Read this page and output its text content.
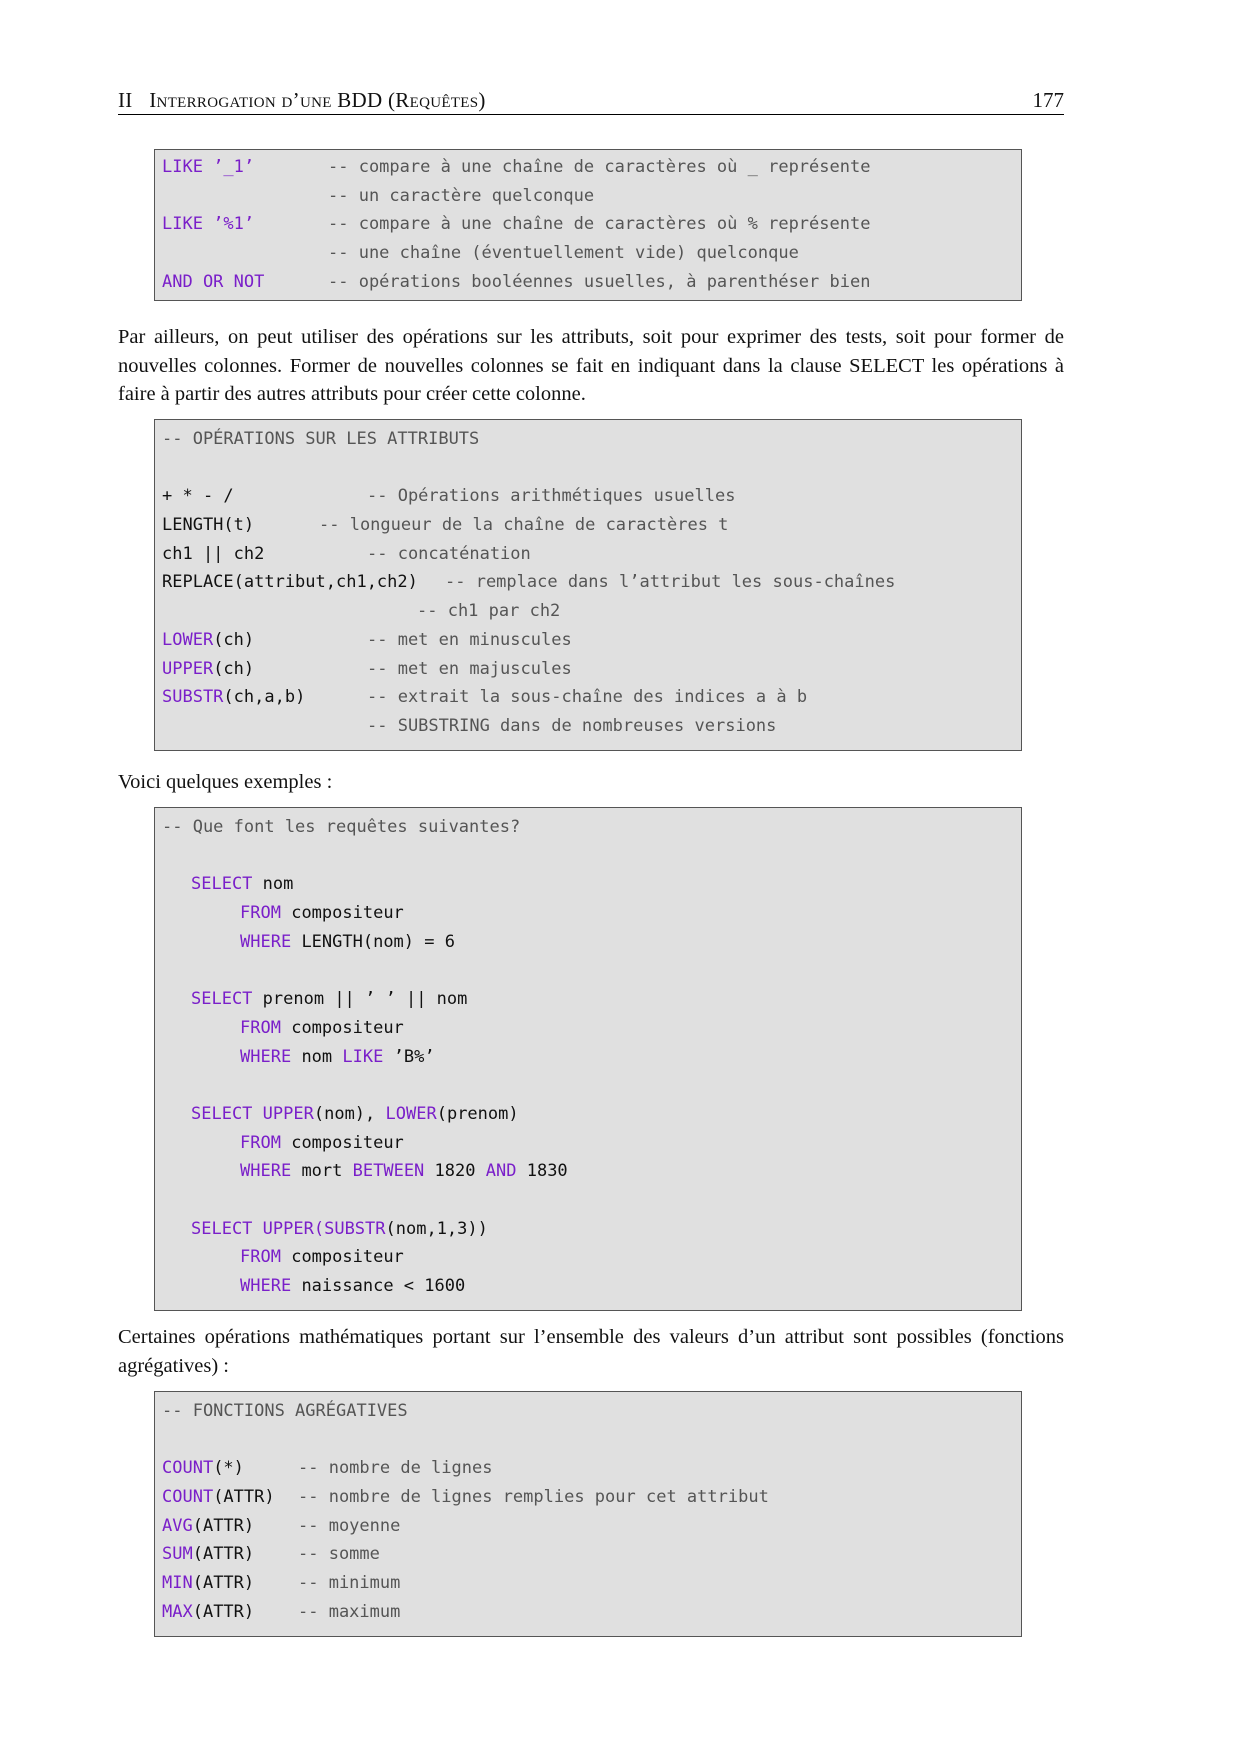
II Interrogation d’une BDD (Requêtes)	177
LIKE ’_1’	-- compare à une chaîne de caractères où _ représente
-- un caractère quelconque
LIKE ’%1’	-- compare à une chaîne de caractères où % représente
-- une chaîne (éventuellement vide) quelconque
AND OR NOT	-- opérations booléennes usuelles, à parenthéser bien
Par ailleurs, on peut utiliser des opérations sur les attributs, soit pour exprimer des tests, soit pour former de nouvelles colonnes. Former de nouvelles colonnes se fait en indiquant dans la clause SELECT les opérations à faire à partir des autres attributs pour créer cette colonne.
-- OPÉRATIONS SUR LES ATTRIBUTS
+ * - /	-- Opérations arithmétiques usuelles
LENGTH(t)	-- longueur de la chaîne de caractères t
ch1 || ch2	-- concaténation
REPLACE(attribut,ch1,ch2) -- remplace dans l’attribut les sous-chaînes
-- ch1 par ch2
LOWER(ch)	-- met en minuscules
UPPER(ch)	-- met en majuscules
SUBSTR(ch,a,b)	-- extrait la sous-chaîne des indices a à b
-- SUBSTRING dans de nombreuses versions
Voici quelques exemples :
-- Que font les requêtes suivantes?
SELECT nom
FROM compositeur
WHERE LENGTH(nom) = 6
SELECT prenom || ’ ’ || nom
FROM compositeur
WHERE nom LIKE ’B%’
SELECT UPPER(nom), LOWER(prenom)
FROM compositeur
WHERE mort BETWEEN 1820 AND 1830
SELECT UPPER(SUBSTR(nom,1,3))
FROM compositeur
WHERE naissance < 1600
Certaines opérations mathématiques portant sur l’ensemble des valeurs d’un attribut sont possibles (fonctions agrégatives) :
-- FONCTIONS AGRÉGATIVES
COUNT(*)	-- nombre de lignes
COUNT(ATTR) -- nombre de lignes remplies pour cet attribut
AVG(ATTR)	-- moyenne
SUM(ATTR)	-- somme
MIN(ATTR)	-- minimum
MAX(ATTR)	-- maximum
